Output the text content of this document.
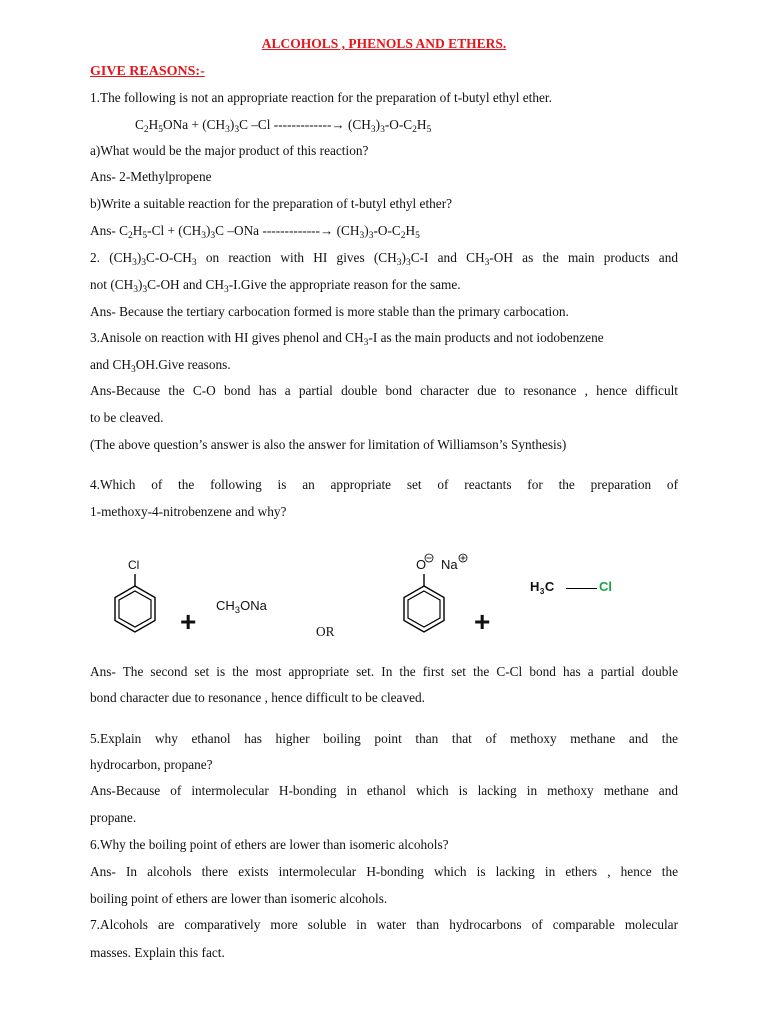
ALCOHOLS , PHENOLS AND ETHERS.
GIVE REASONS:-
1.The following is not an appropriate reaction for the preparation of t-butyl ethyl ether.
$C_2H_5ONa + (CH_3)_3C$ –Cl -------------→ $(CH_3)_3-O-C_2H_5$
a)What would be the major product of this reaction?
Ans- 2-Methylpropene
b)Write a suitable reaction for the preparation of t-butyl ethyl ether?
Ans- $C_2H_5-Cl + (CH_3)_3C$ –ONa -------------→ $(CH_3)_3-O-C_2H_5$
2. $(CH_3)_3C-O-CH_3$ on reaction with HI gives $(CH_3)_3C-I$ and $CH_3-OH$ as the main products and
not $(CH_3)_3C-OH$ and $CH_3-I.Give$ the appropriate reason for the same.
Ans- Because the tertiary carbocation formed is more stable than the primary carbocation.
3.Anisole on reaction with HI gives phenol and $CH_3-I$ as the main products and not iodobenzene
and $CH_3OH.Give$ reasons.
Ans-Because the C-O bond has a partial double bond character due to resonance , hence difficult
to be cleaved.
(The above question’s answer is also the answer for limitation of Williamson’s Synthesis)
4.Which of the following is an appropriate set of reactants for the preparation of
1-methoxy-4-nitrobenzene and why?
Cl
+
$CH_3ONa$
OR
O Na
+
$H_3C$	Cl
Ans- The second set is the most appropriate set. In the first set the C-Cl bond has a partial double
bond character due to resonance , hence difficult to be cleaved.
5.Explain why ethanol has higher boiling point than that of methoxy methane and the
hydrocarbon, propane?
Ans-Because of intermolecular H-bonding in ethanol which is lacking in methoxy methane and
propane.
6.Why the boiling point of ethers are lower than isomeric alcohols?
Ans- In alcohols there exists intermolecular H-bonding which is lacking in ethers , hence the
boiling point of ethers are lower than isomeric alcohols.
7.Alcohols are comparatively more soluble in water than hydrocarbons of comparable molecular
masses. Explain this fact.
